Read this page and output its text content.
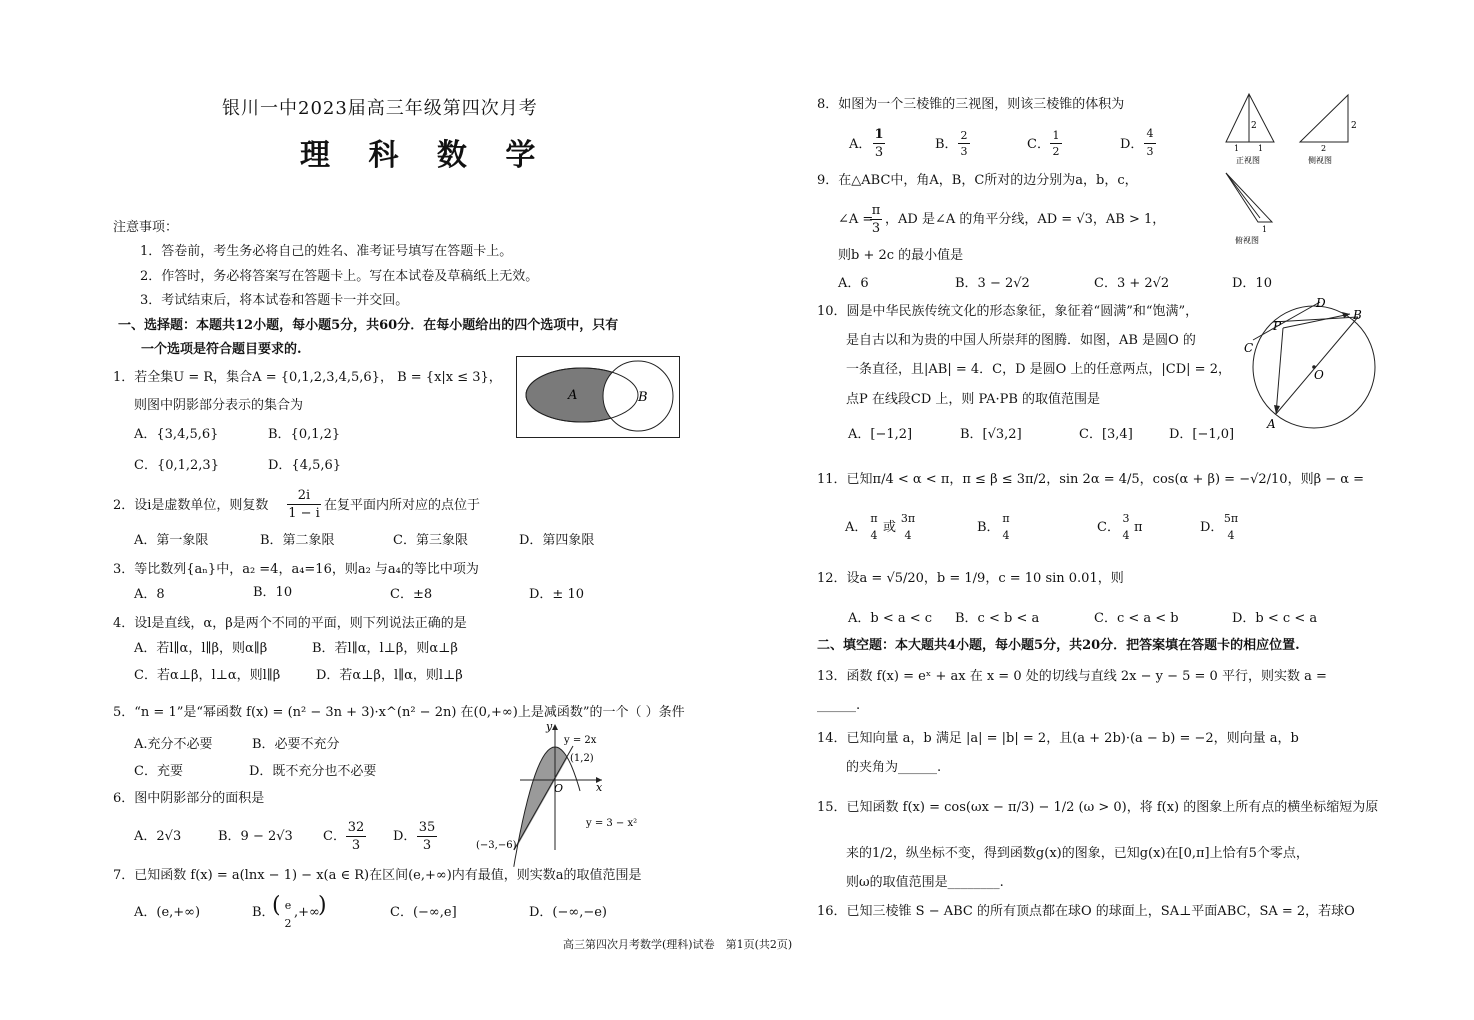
银川一中2023届高三年级第四次月考
理 科 数 学
注意事项：
1．答卷前，考生务必将自己的姓名、准考证号填写在答题卡上。
2．作答时，务必将答案写在答题卡上。写在本试卷及草稿纸上无效。
3．考试结束后，将本试卷和答题卡一并交回。
一、选择题：本题共12小题，每小题5分，共60分．在每小题给出的四个选项中，只有
一个选项是符合题目要求的.
1．若全集U = R，集合A = {0,1,2,3,4,5,6}， B = {x|x ≤ 3}，
则图中阴影部分表示的集合为
A．{3,4,5,6}	B．{0,1,2}
C．{0,1,2,3}	D．{4,5,6}
A	B
2．设i是虚数单位，则复数
2i
1 − i
在复平面内所对应的点位于
A．第一象限	B．第二象限	C．第三象限	D．第四象限
3．等比数列{aₙ}中，a₂ =4，a₄=16，则a₂ 与a₄的等比中项为
A．8	B．10	C．±8	D．± 10
4．设l是直线，α，β是两个不同的平面，则下列说法正确的是
A．若l∥α，l∥β，则α∥β	B．若l∥α，l⊥β，则α⊥β
C．若α⊥β，l⊥α，则l∥β	D．若α⊥β，l∥α，则l⊥β
5．“n = 1”是“幂函数 f(x) = (n² − 3n + 3)·x^(n² − 2n) 在(0,+∞)上是减函数”的一个（ ）条件
A.充分不必要	B．必要不充分
C．充要	D．既不充分也不必要
6．图中阴影部分的面积是
A．2√3	B．9 − 2√3 C．
32
3
D．
35
3
y
x
O
y = 2x
(1,2)
y = 3 − x²
(−3,−6)
7．已知函数 f(x) = a(lnx − 1) − x(a ∈ R)在区间(e,+∞)内有最值，则实数a的取值范围是
A．(e,+∞)	B．
( e
2
,+∞
)	C．(−∞,e]	D．(−∞,−e)
高三第四次月考数学(理科)试卷　第1页(共2页)
8．如图为一个三棱锥的三视图，则该三棱锥的体积为
A．
1
3
B．
2
3	C．
1
2	D．
4
3
2
1 1
正视图
2
2
侧视图
1
俯视图
9．在△ABC中，角A，B，C所对的边分别为a，b，c，
∠A =
π
3
，AD 是∠A 的角平分线，AD = √3，AB > 1，
则b + 2c 的最小值是
A．6	B．3 − 2√2	C．3 + 2√2	D．10
10．圆是中华民族传统文化的形态象征，象征着“圆满”和“饱满”，
是自古以和为贵的中国人所崇拜的图腾．如图，AB 是圆O 的
一条直径，且|AB| = 4．C，D 是圆O 上的任意两点，|CD| = 2，
点P 在线段CD 上，则 PA·PB 的取值范围是
A．[−1,2]	B．[√3,2]	C．[3,4]	D．[−1,0]
D
B
P
C
O
A
11．已知π/4 < α < π，π ≤ β ≤ 3π/2，sin 2α = 4/5，cos(α + β) = −√2/10，则β − α =
A．
π
4
或
3π
4
B．
π
4
C．
3
4
π	D．
5π
4
12．设a = √5/20，b = 1/9，c = 10 sin 0.01，则
A．b < a < c B．c < b < a	C．c < a < b	D．b < c < a
二、填空题：本大题共4小题，每小题5分，共20分．把答案填在答题卡的相应位置.
13．函数 f(x) = eˣ + ax 在 x = 0 处的切线与直线 2x − y − 5 = 0 平行，则实数 a =
______.
14．已知向量 a，b 满足 |a| = |b| = 2，且(a + 2b)·(a − b) = −2，则向量 a，b
的夹角为______.
15．已知函数 f(x) = cos(ωx − π/3) − 1/2 (ω > 0)，将 f(x) 的图象上所有点的横坐标缩短为原
来的1/2，纵坐标不变，得到函数g(x)的图象，已知g(x)在[0,π]上恰有5个零点，
则ω的取值范围是________.
16．已知三棱锥 S − ABC 的所有顶点都在球O 的球面上，SA⊥平面ABC，SA = 2，若球O
